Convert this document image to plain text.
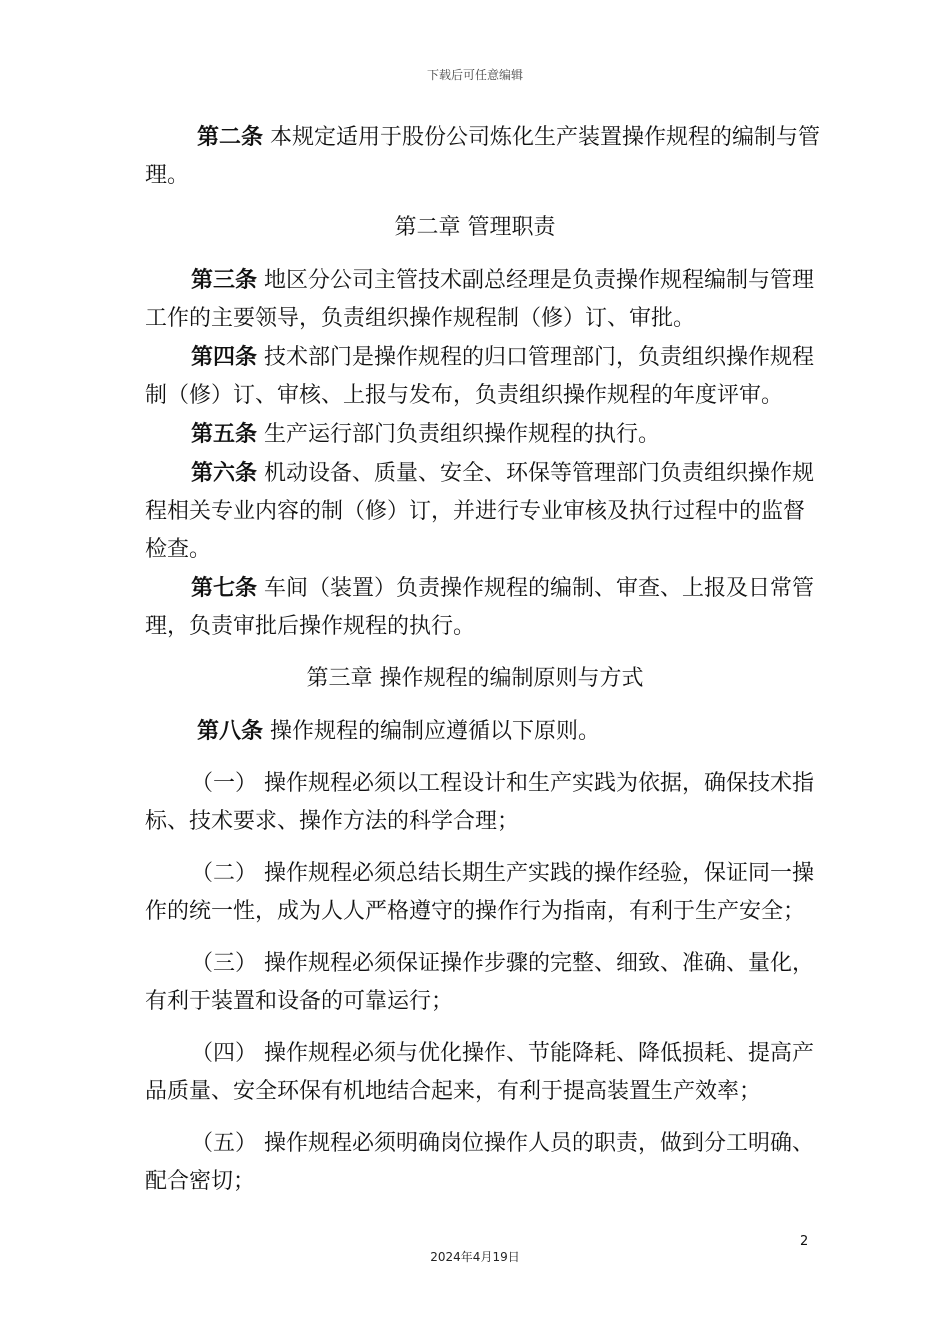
下载后可任意编辑

第二条 本规定适用于股份公司炼化生产装置操作规程的编制与管理。

第二章 管理职责

第三条 地区分公司主管技术副总经理是负责操作规程编制与管理工作的主要领导，负责组织操作规程制（修）订、审批。

第四条 技术部门是操作规程的归口管理部门，负责组织操作规程制（修）订、审核、上报与发布，负责组织操作规程的年度评审。

第五条 生产运行部门负责组织操作规程的执行。

第六条 机动设备、质量、安全、环保等管理部门负责组织操作规程相关专业内容的制（修）订，并进行专业审核及执行过程中的监督检查。

第七条 车间（装置）负责操作规程的编制、审查、上报及日常管理，负责审批后操作规程的执行。

第三章 操作规程的编制原则与方式

第八条 操作规程的编制应遵循以下原则。

（一） 操作规程必须以工程设计和生产实践为依据，确保技术指标、技术要求、操作方法的科学合理；

（二） 操作规程必须总结长期生产实践的操作经验，保证同一操作的统一性，成为人人严格遵守的操作行为指南，有利于生产安全；

（三） 操作规程必须保证操作步骤的完整、细致、准确、量化，有利于装置和设备的可靠运行；

（四） 操作规程必须与优化操作、节能降耗、降低损耗、提高产品质量、安全环保有机地结合起来，有利于提高装置生产效率；

（五） 操作规程必须明确岗位操作人员的职责，做到分工明确、配合密切；

2
2024年4月19日
